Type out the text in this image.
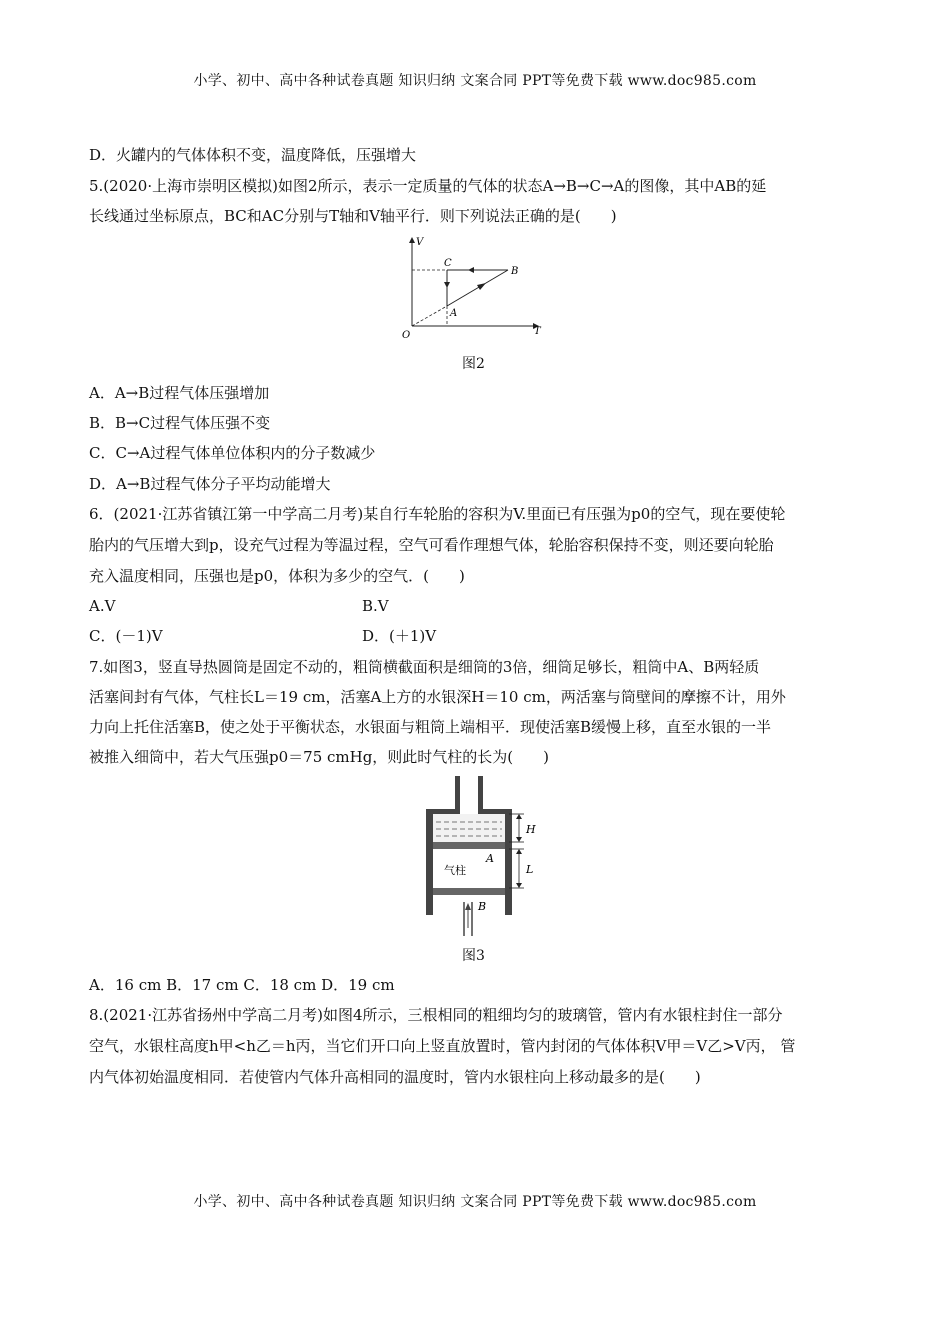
小学、初中、高中各种试卷真题 知识归纳 文案合同 PPT等免费下载 www.doc985.com
D．火罐内的气体体积不变，温度降低，压强增大
5.(2020·上海市崇明区模拟)如图2所示，表示一定质量的气体的状态A→B→C→A的图像，其中AB的延
长线通过坐标原点，BC和AC分别与T轴和V轴平行．则下列说法正确的是(　　)
V
T
O
C
B
A
图2
A．A→B过程气体压强增加
B．B→C过程气体压强不变
C．C→A过程气体单位体积内的分子数减少
D．A→B过程气体分子平均动能增大
6．(2021·江苏省镇江第一中学高二月考)某自行车轮胎的容积为V.里面已有压强为p0的空气，现在要使轮
胎内的气压增大到p，设充气过程为等温过程，空气可看作理想气体，轮胎容积保持不变，则还要向轮胎
充入温度相同，压强也是p0，体积为多少的空气．(　　)
A.V	B.V
C．(－1)V	D．(＋1)V
7.如图3，竖直导热圆筒是固定不动的，粗筒横截面积是细筒的3倍，细筒足够长，粗筒中A、B两轻质
活塞间封有气体，气柱长L＝19 cm，活塞A上方的水银深H＝10 cm，两活塞与筒壁间的摩擦不计，用外
力向上托住活塞B，使之处于平衡状态，水银面与粗筒上端相平．现使活塞B缓慢上移，直至水银的一半
被推入细筒中，若大气压强p0＝75 cmHg，则此时气柱的长为(　　)
H
L
A
气柱
B
图3
A．16 cm B．17 cm C．18 cm D．19 cm
8.(2021·江苏省扬州中学高二月考)如图4所示，三根相同的粗细均匀的玻璃管，管内有水银柱封住一部分
空气，水银柱高度h甲<h乙＝h丙，当它们开口向上竖直放置时，管内封闭的气体体积V甲＝V乙>V丙， 管
内气体初始温度相同．若使管内气体升高相同的温度时，管内水银柱向上移动最多的是(　　)
小学、初中、高中各种试卷真题 知识归纳 文案合同 PPT等免费下载 www.doc985.com
